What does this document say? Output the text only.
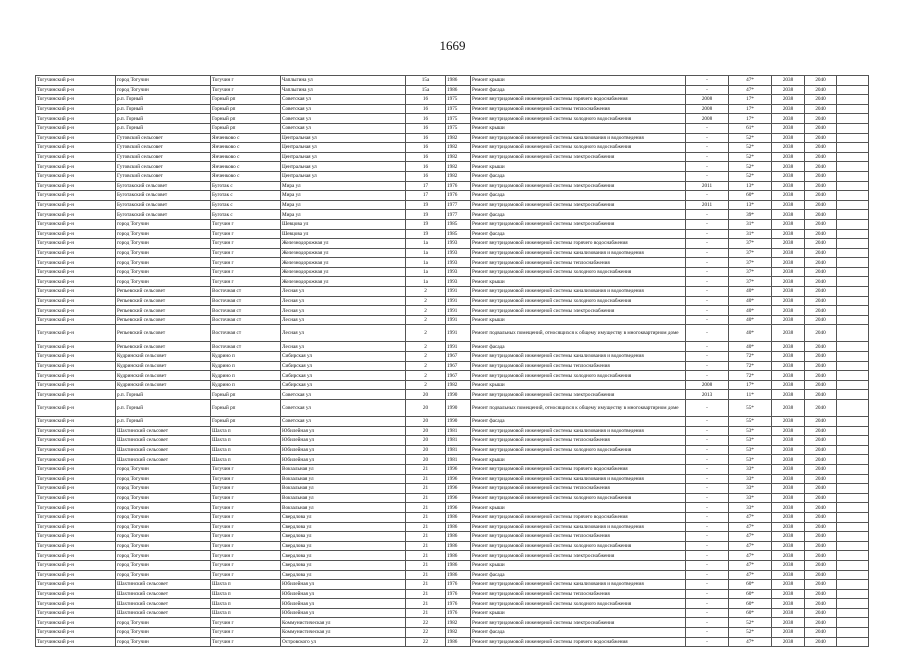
1669
Тогучинский р-н	город Тогучин	Тогучин г	Чаплыгина ул	15а	1986	Ремонт крыши	-	47*	2038	2040	
Тогучинский р-н	город Тогучин	Тогучин г	Чаплыгина ул	15а	1986	Ремонт фасада	-	47*	2038	2040	
Тогучинский р-н	р.п. Горный	Горный рп	Советская ул	16	1975	Ремонт внутридомовой инженерной системы горячего водоснабжения	2008	17*	2038	2040	
Тогучинский р-н	р.п. Горный	Горный рп	Советская ул	16	1975	Ремонт внутридомовой инженерной системы теплоснабжения	2008	17*	2038	2040	
Тогучинский р-н	р.п. Горный	Горный рп	Советская ул	16	1975	Ремонт внутридомовой инженерной системы холодного водоснабжения	2008	17*	2038	2040	
Тогучинский р-н	р.п. Горный	Горный рп	Советская ул	16	1975	Ремонт крыши	-	61*	2038	2040	
Тогучинский р-н	Гутовский сельсовет	Янченково с	Центральная ул	16	1982	Ремонт внутридомовой инженерной системы канализования и водоотведения	-	52*	2038	2040	
Тогучинский р-н	Гутовский сельсовет	Янченково с	Центральная ул	16	1982	Ремонт внутридомовой инженерной системы холодного водоснабжения	-	52*	2038	2040	
Тогучинский р-н	Гутовский сельсовет	Янченково с	Центральная ул	16	1982	Ремонт внутридомовой инженерной системы электроснабжения	-	52*	2038	2040	
Тогучинский р-н	Гутовский сельсовет	Янченково с	Центральная ул	16	1982	Ремонт крыши	-	52*	2038	2040	
Тогучинский р-н	Гутовский сельсовет	Янченково с	Центральная ул	16	1982	Ремонт фасада	-	52*	2038	2040	
Тогучинский р-н	Буготакский сельсовет	Буготак с	Мира ул	17	1976	Ремонт внутридомовой инженерной системы электроснабжения	2011	13*	2038	2040	
Тогучинский р-н	Буготакский сельсовет	Буготак с	Мира ул	17	1976	Ремонт фасада	-	60*	2038	2040	
Тогучинский р-н	Буготакский сельсовет	Буготак с	Мира ул	19	1977	Ремонт внутридомовой инженерной системы электроснабжения	2011	13*	2038	2040	
Тогучинский р-н	Буготакский сельсовет	Буготак с	Мира ул	19	1977	Ремонт фасада	-	39*	2038	2040	
Тогучинский р-н	город Тогучин	Тогучин г	Шевцова ул	19	1985	Ремонт внутридомовой инженерной системы электроснабжения	-	31*	2038	2040	
Тогучинский р-н	город Тогучин	Тогучин г	Шевцова ул	19	1985	Ремонт фасада	-	31*	2038	2040	
Тогучинский р-н	город Тогучин	Тогучин г	Железнодорожная ул	1а	1993	Ремонт внутридомовой инженерной системы горячего водоснабжения	-	37*	2038	2040	
Тогучинский р-н	город Тогучин	Тогучин г	Железнодорожная ул	1а	1993	Ремонт внутридомовой инженерной системы канализования и водоотведения	-	37*	2038	2040	
Тогучинский р-н	город Тогучин	Тогучин г	Железнодорожная ул	1а	1993	Ремонт внутридомовой инженерной системы теплоснабжения	-	37*	2038	2040	
Тогучинский р-н	город Тогучин	Тогучин г	Железнодорожная ул	1а	1993	Ремонт внутридомовой инженерной системы холодного водоснабжения	-	37*	2038	2040	
Тогучинский р-н	город Тогучин	Тогучин г	Железнодорожная ул	1а	1993	Ремонт крыши	-	37*	2038	2040	
Тогучинский р-н	Репьевский сельсовет	Восточная ст	Лесная ул	2	1991	Ремонт внутридомовой инженерной системы канализования и водоотведения	-	40*	2038	2040	
Тогучинский р-н	Репьевский сельсовет	Восточная ст	Лесная ул	2	1991	Ремонт внутридомовой инженерной системы холодного водоснабжения	-	40*	2038	2040	
Тогучинский р-н	Репьевский сельсовет	Восточная ст	Лесная ул	2	1991	Ремонт внутридомовой инженерной системы электроснабжения	-	40*	2038	2040	
Тогучинский р-н	Репьевский сельсовет	Восточная ст	Лесная ул	2	1991	Ремонт крыши	-	40*	2038	2040	
Тогучинский р-н	Репьевский сельсовет	Восточная ст	Лесная ул	2	1991	Ремонт подвальных помещений, относящихся к общему имуществу в многоквартирном доме	-	40*	2038	2040	
Тогучинский р-н	Репьевский сельсовет	Восточная ст	Лесная ул	2	1991	Ремонт фасада	-	40*	2038	2040	
Тогучинский р-н	Кудринский сельсовет	Кудрино п	Сибирская ул	2	1967	Ремонт внутридомовой инженерной системы канализования и водоотведения	-	72*	2038	2040	
Тогучинский р-н	Кудринский сельсовет	Кудрино п	Сибирская ул	2	1967	Ремонт внутридомовой инженерной системы теплоснабжения	-	72*	2038	2040	
Тогучинский р-н	Кудринский сельсовет	Кудрино п	Сибирская ул	2	1967	Ремонт внутридомовой инженерной системы холодного водоснабжения	-	72*	2038	2040	
Тогучинский р-н	Кудринский сельсовет	Кудрино п	Сибирская ул	2	1982	Ремонт крыши	2008	17*	2038	2040	
Тогучинский р-н	р.п. Горный	Горный рп	Советская ул	20	1990	Ремонт внутридомовой инженерной системы электроснабжения	2013	11*	2038	2040	
Тогучинский р-н	р.п. Горный	Горный рп	Советская ул	20	1990	Ремонт подвальных помещений, относящихся к общему имуществу в многоквартирном доме	-	55*	2038	2040	
Тогучинский р-н	р.п. Горный	Горный рп	Советская ул	20	1990	Ремонт фасада	-	55*	2038	2040	
Тогучинский р-н	Шахтинский сельсовет	Шахта п	Юбилейная ул	20	1981	Ремонт внутридомовой инженерной системы канализования и водоотведения	-	53*	2038	2040	
Тогучинский р-н	Шахтинский сельсовет	Шахта п	Юбилейная ул	20	1981	Ремонт внутридомовой инженерной системы теплоснабжения	-	53*	2038	2040	
Тогучинский р-н	Шахтинский сельсовет	Шахта п	Юбилейная ул	20	1981	Ремонт внутридомовой инженерной системы холодного водоснабжения	-	53*	2038	2040	
Тогучинский р-н	Шахтинский сельсовет	Шахта п	Юбилейная ул	20	1981	Ремонт крыши	-	53*	2038	2040	
Тогучинский р-н	город Тогучин	Тогучин г	Вокзальная ул	21	1996	Ремонт внутридомовой инженерной системы горячего водоснабжения	-	33*	2038	2040	
Тогучинский р-н	город Тогучин	Тогучин г	Вокзальная ул	21	1996	Ремонт внутридомовой инженерной системы канализования и водоотведения	-	33*	2038	2040	
Тогучинский р-н	город Тогучин	Тогучин г	Вокзальная ул	21	1996	Ремонт внутридомовой инженерной системы теплоснабжения	-	33*	2038	2040	
Тогучинский р-н	город Тогучин	Тогучин г	Вокзальная ул	21	1996	Ремонт внутридомовой инженерной системы холодного водоснабжения	-	33*	2038	2040	
Тогучинский р-н	город Тогучин	Тогучин г	Вокзальная ул	21	1996	Ремонт крыши	-	33*	2038	2040	
Тогучинский р-н	город Тогучин	Тогучин г	Свердлова ул	21	1986	Ремонт внутридомовой инженерной системы горячего водоснабжения	-	47*	2038	2040	
Тогучинский р-н	город Тогучин	Тогучин г	Свердлова ул	21	1986	Ремонт внутридомовой инженерной системы канализования и водоотведения	-	47*	2038	2040	
Тогучинский р-н	город Тогучин	Тогучин г	Свердлова ул	21	1986	Ремонт внутридомовой инженерной системы теплоснабжения	-	47*	2038	2040	
Тогучинский р-н	город Тогучин	Тогучин г	Свердлова ул	21	1986	Ремонт внутридомовой инженерной системы холодного водоснабжения	-	47*	2038	2040	
Тогучинский р-н	город Тогучин	Тогучин г	Свердлова ул	21	1986	Ремонт внутридомовой инженерной системы электроснабжения	-	47*	2038	2040	
Тогучинский р-н	город Тогучин	Тогучин г	Свердлова ул	21	1986	Ремонт крыши	-	47*	2038	2040	
Тогучинский р-н	город Тогучин	Тогучин г	Свердлова ул	21	1986	Ремонт фасада	-	47*	2038	2040	
Тогучинский р-н	Шахтинский сельсовет	Шахта п	Юбилейная ул	21	1976	Ремонт внутридомовой инженерной системы канализования и водоотведения	-	60*	2038	2040	
Тогучинский р-н	Шахтинский сельсовет	Шахта п	Юбилейная ул	21	1976	Ремонт внутридомовой инженерной системы теплоснабжения	-	60*	2038	2040	
Тогучинский р-н	Шахтинский сельсовет	Шахта п	Юбилейная ул	21	1976	Ремонт внутридомовой инженерной системы холодного водоснабжения	-	60*	2038	2040	
Тогучинский р-н	Шахтинский сельсовет	Шахта п	Юбилейная ул	21	1976	Ремонт крыши	-	60*	2038	2040	
Тогучинский р-н	город Тогучин	Тогучин г	Коммунистическая ул	22	1982	Ремонт внутридомовой инженерной системы электроснабжения	-	52*	2038	2040	
Тогучинский р-н	город Тогучин	Тогучин г	Коммунистическая ул	22	1982	Ремонт фасада	-	52*	2038	2040	
Тогучинский р-н	город Тогучин	Тогучин г	Островского ул	22	1986	Ремонт внутридомовой инженерной системы горячего водоснабжения	-	47*	2038	2040	
